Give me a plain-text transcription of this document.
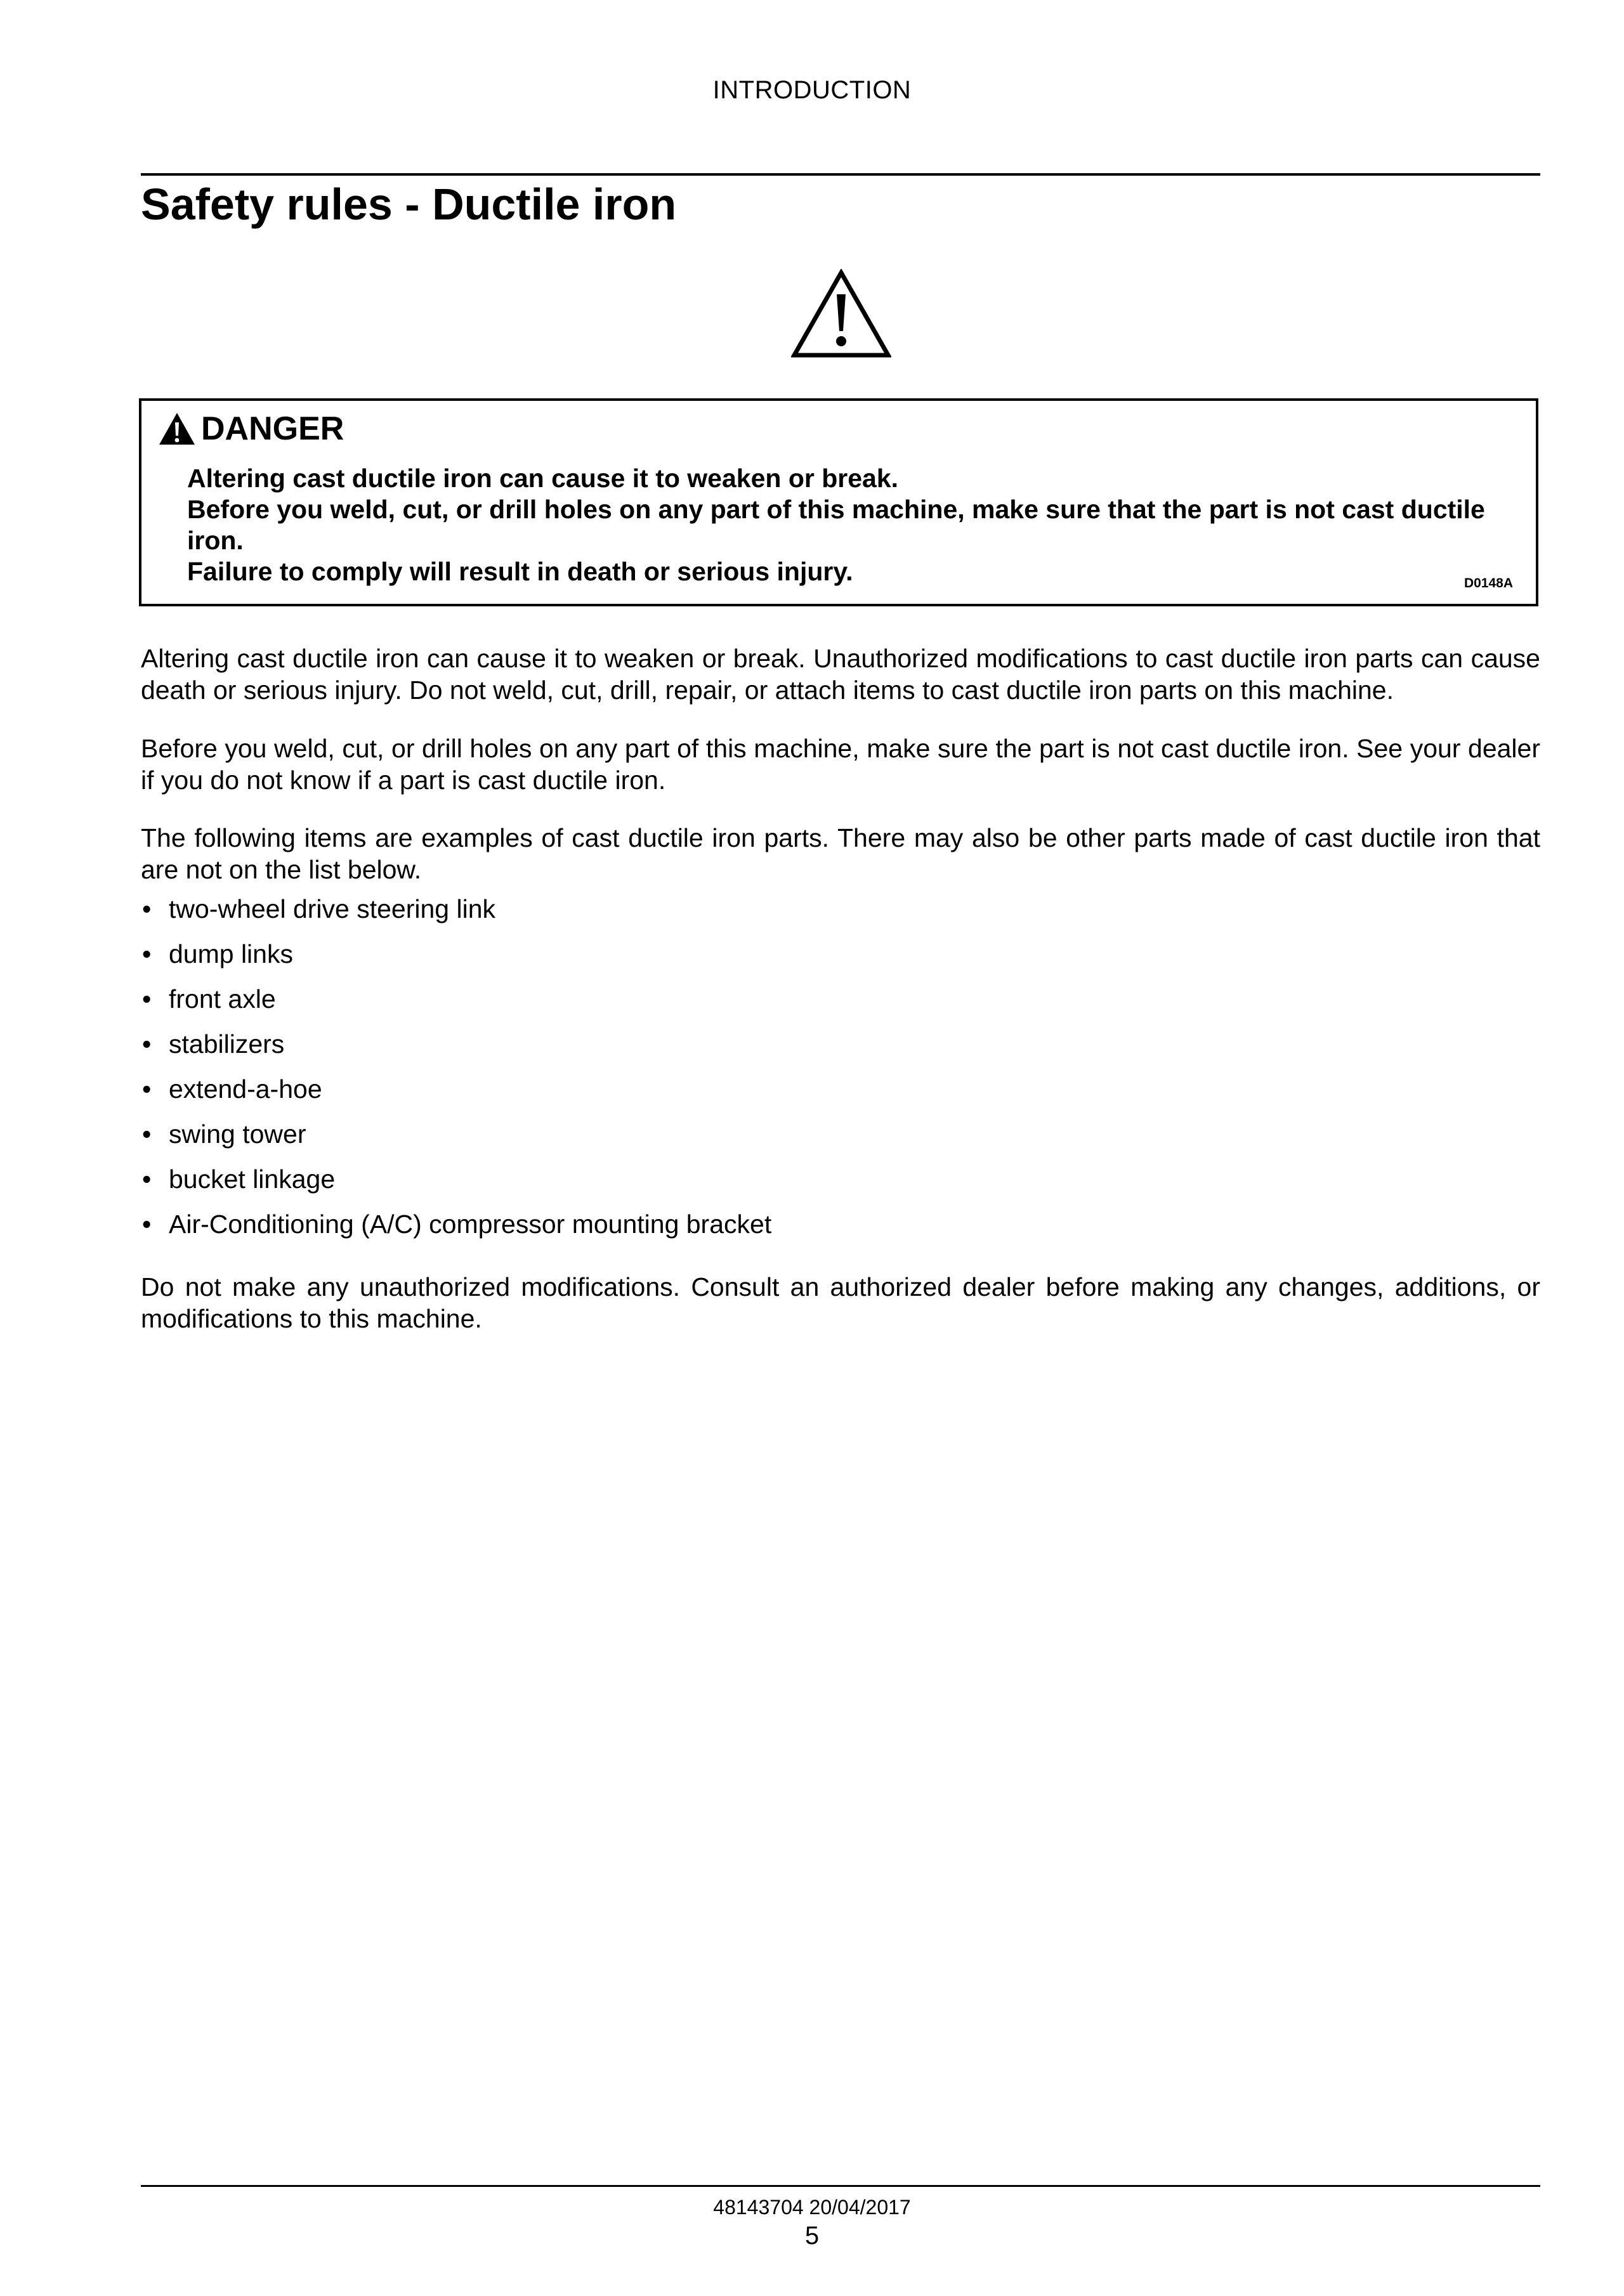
INTRODUCTION
Safety rules - Ductile iron
DANGER
Altering cast ductile iron can cause it to weaken or break.
Before you weld, cut, or drill holes on any part of this machine, make sure that the part is not cast ductile iron.
Failure to comply will result in death or serious injury.	D0148A

Altering cast ductile iron can cause it to weaken or break. Unauthorized modifications to cast ductile iron parts can cause death or serious injury. Do not weld, cut, drill, repair, or attach items to cast ductile iron parts on this machine.

Before you weld, cut, or drill holes on any part of this machine, make sure the part is not cast ductile iron. See your dealer if you do not know if a part is cast ductile iron.

The following items are examples of cast ductile iron parts. There may also be other parts made of cast ductile iron that are not on the list below.

• two-wheel drive steering link
• dump links
• front axle
• stabilizers
• extend-a-hoe
• swing tower
• bucket linkage
• Air-Conditioning (A/C) compressor mounting bracket

Do not make any unauthorized modifications. Consult an authorized dealer before making any changes, additions, or modifications to this machine.

48143704 20/04/2017
5
